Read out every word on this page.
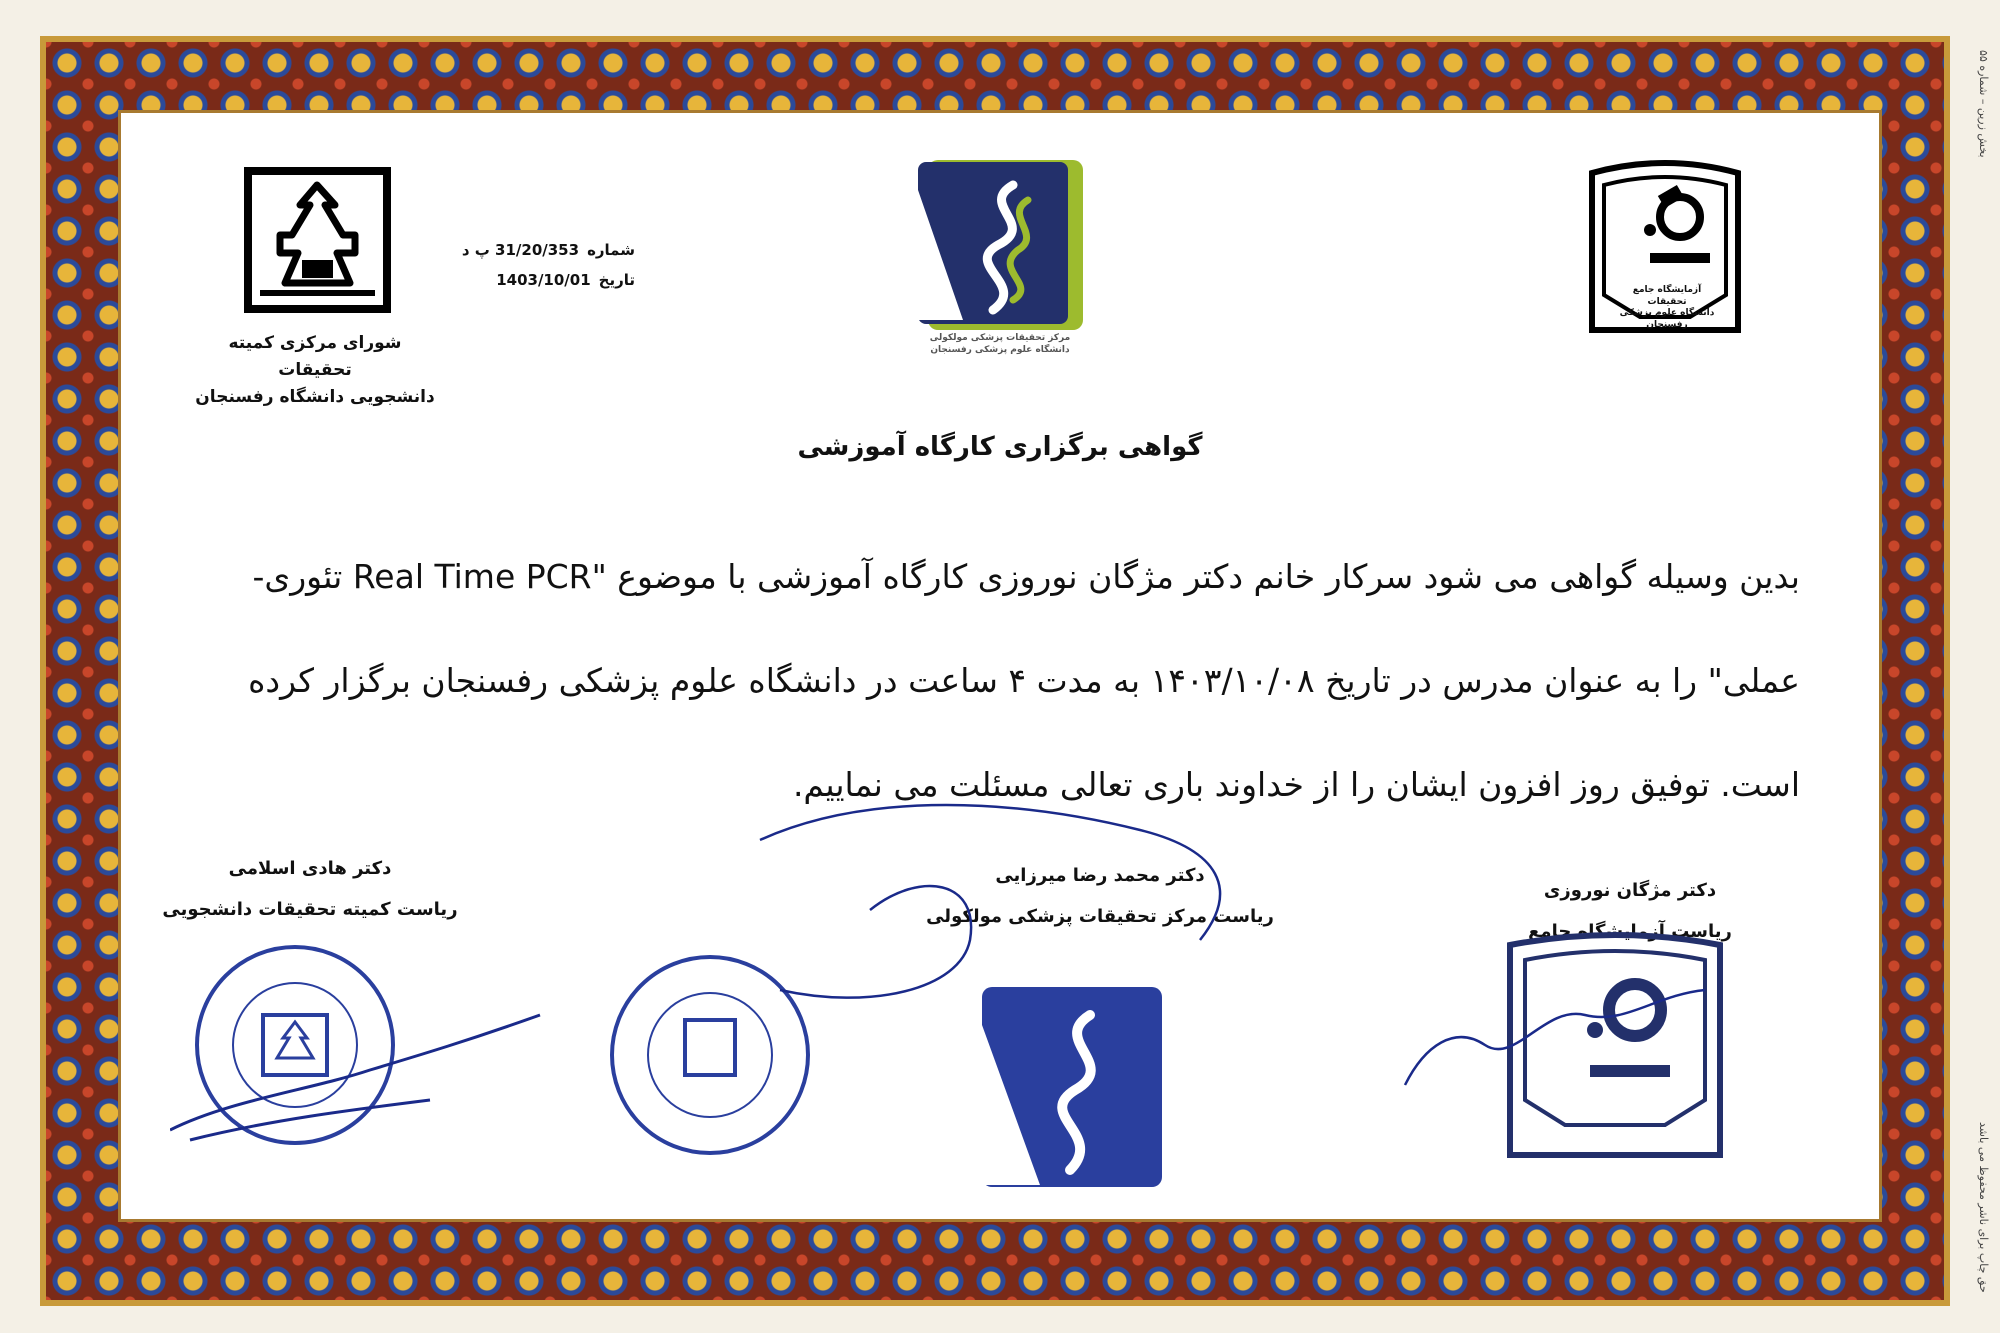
بخش زرین – شماره ۵۵
حق چاپ برای ناشر محفوظ می باشد
شورای مرکزی کمیته تحقیقات
دانشجویی دانشگاه رفسنجان
شماره
31/20/353 پ د
تاریخ
1403/10/01
مرکز تحقیقات پزشکی مولکولی
دانشگاه علوم پزشکی رفسنجان
آزمایشگاه جامع تحقیقات
دانشگاه علوم پزشکی رفسنجان
گواهی برگزاری کارگاه آموزشی

بدین وسیله گواهی می شود سرکار خانم دکتر مژگان نوروزی کارگاه آموزشی با موضوع "Real Time PCR تئوری-

عملی" را به عنوان مدرس در تاریخ ۱۴۰۳/۱۰/۰۸ به مدت ۴ ساعت در دانشگاه علوم پزشکی رفسنجان برگزار کرده

است. توفیق روز افزون ایشان را از خداوند باری تعالی مسئلت می نماییم.

دکتر هادی اسلامی
ریاست کمیته تحقیقات دانشجویی
دکتر محمد رضا میرزایی
ریاست مرکز تحقیقات پزشکی مولکولی
دکتر مژگان نوروزی
ریاست آزمایشگاه جامع
